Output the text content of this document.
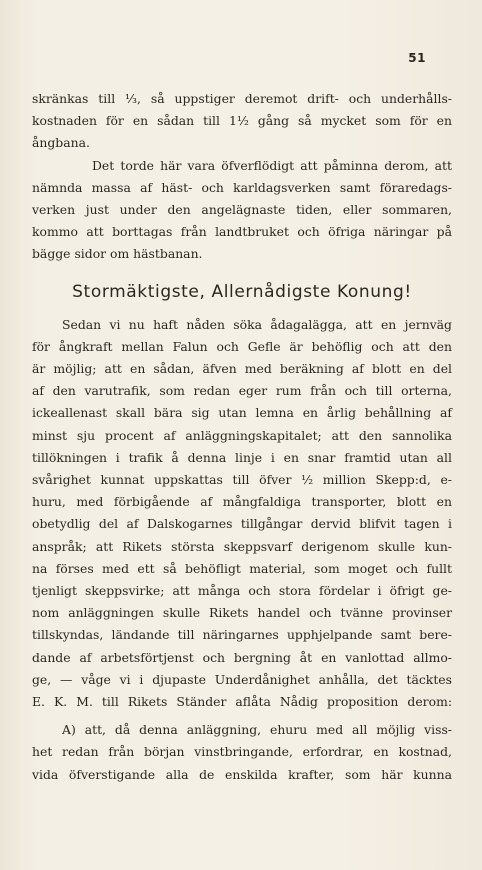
51
skränkas till ⅓, så uppstiger deremot drift- och underhålls-
kostnaden för en sådan till 1½ gång så mycket som för en
ångbana.
Det torde här vara öfverflödigt att påminna derom, att
nämnda massa af häst- och karldagsverken samt föraredags-
verken just under den angelägnaste tiden, eller sommaren,
kommo att borttagas från landtbruket och öfriga näringar på
bägge sidor om hästbanan.
Stormäktigste, Allernådigste Konung!
Sedan vi nu haft nåden söka ådagalägga, att en jernväg
för ångkraft mellan Falun och Gefle är behöflig och att den
är möjlig; att en sådan, äfven med beräkning af blott en del
af den varutrafik, som redan eger rum från och till orterna,
ickeallenast skall bära sig utan lemna en årlig behållning af
minst sju procent af anläggningskapitalet; att den sannolika
tillökningen i trafik å denna linje i en snar framtid utan all
svårighet kunnat uppskattas till öfver ½ million Skepp:d, e-
huru, med förbigående af mångfaldiga transporter, blott en
obetydlig del af Dalskogarnes tillgångar dervid blifvit tagen i
anspråk; att Rikets största skeppsvarf derigenom skulle kun-
na förses med ett så behöfligt material, som moget och fullt
tjenligt skeppsvirke; att många och stora fördelar i öfrigt ge-
nom anläggningen skulle Rikets handel och tvänne provinser
tillskyndas, ländande till näringarnes upphjelpande samt bere-
dande af arbetsförtjenst och bergning åt en vanlottad allmo-
ge, — våge vi i djupaste Underdånighet anhålla, det täcktes
E. K. M. till Rikets Ständer aflåta Nådig proposition derom:
A) att, då denna anläggning, ehuru med all möjlig viss-
het redan från början vinstbringande, erfordrar, en kostnad,
vida öfverstigande alla de enskilda krafter, som här kunna
